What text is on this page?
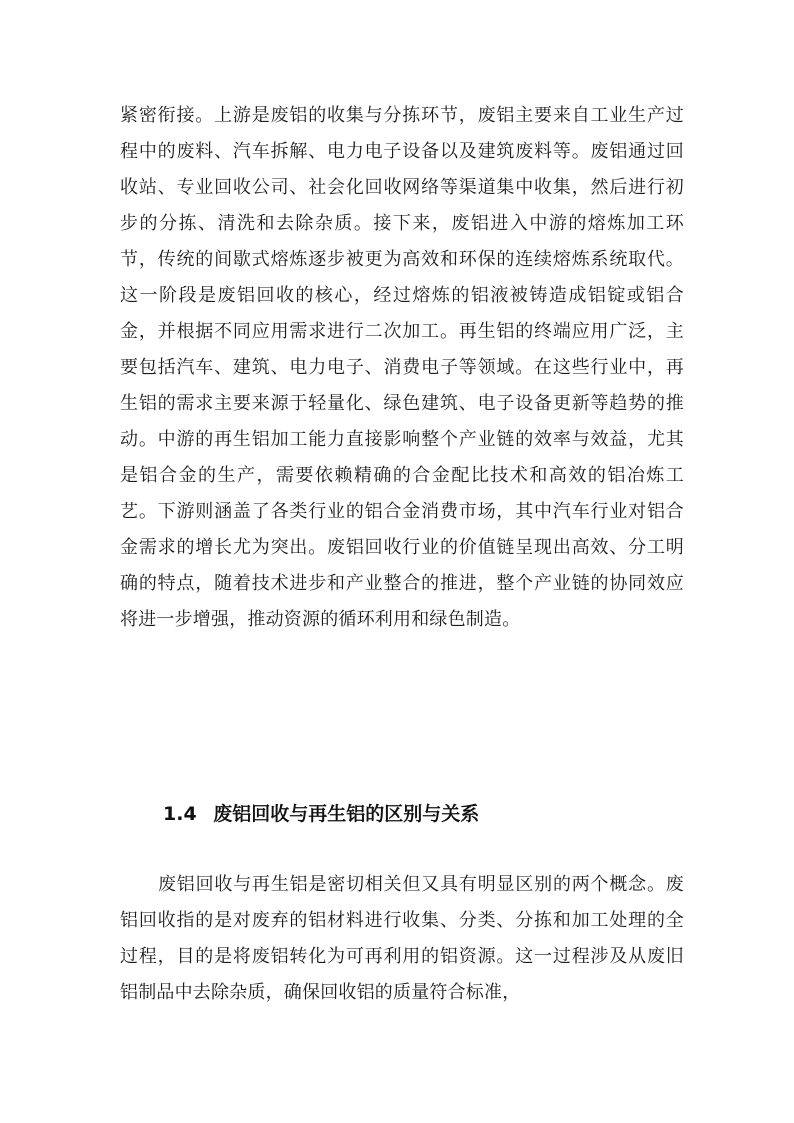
紧密衔接。上游是废铝的收集与分拣环节，废铝主要来自工业生产过程中的废料、汽车拆解、电力电子设备以及建筑废料等。废铝通过回收站、专业回收公司、社会化回收网络等渠道集中收集，然后进行初步的分拣、清洗和去除杂质。接下来，废铝进入中游的熔炼加工环节，传统的间歇式熔炼逐步被更为高效和环保的连续熔炼系统取代。这一阶段是废铝回收的核心，经过熔炼的铝液被铸造成铝锭或铝合金，并根据不同应用需求进行二次加工。再生铝的终端应用广泛，主要包括汽车、建筑、电力电子、消费电子等领域。在这些行业中，再生铝的需求主要来源于轻量化、绿色建筑、电子设备更新等趋势的推动。中游的再生铝加工能力直接影响整个产业链的效率与效益，尤其是铝合金的生产，需要依赖精确的合金配比技术和高效的铝冶炼工艺。下游则涵盖了各类行业的铝合金消费市场，其中汽车行业对铝合金需求的增长尤为突出。废铝回收行业的价值链呈现出高效、分工明确的特点，随着技术进步和产业整合的推进，整个产业链的协同效应将进一步增强，推动资源的循环利用和绿色制造。

1.4 废铝回收与再生铝的区别与关系

废铝回收与再生铝是密切相关但又具有明显区别的两个概念。废铝回收指的是对废弃的铝材料进行收集、分类、分拣和加工处理的全过程，目的是将废铝转化为可再利用的铝资源。这一过程涉及从废旧铝制品中去除杂质，确保回收铝的质量符合标准，
